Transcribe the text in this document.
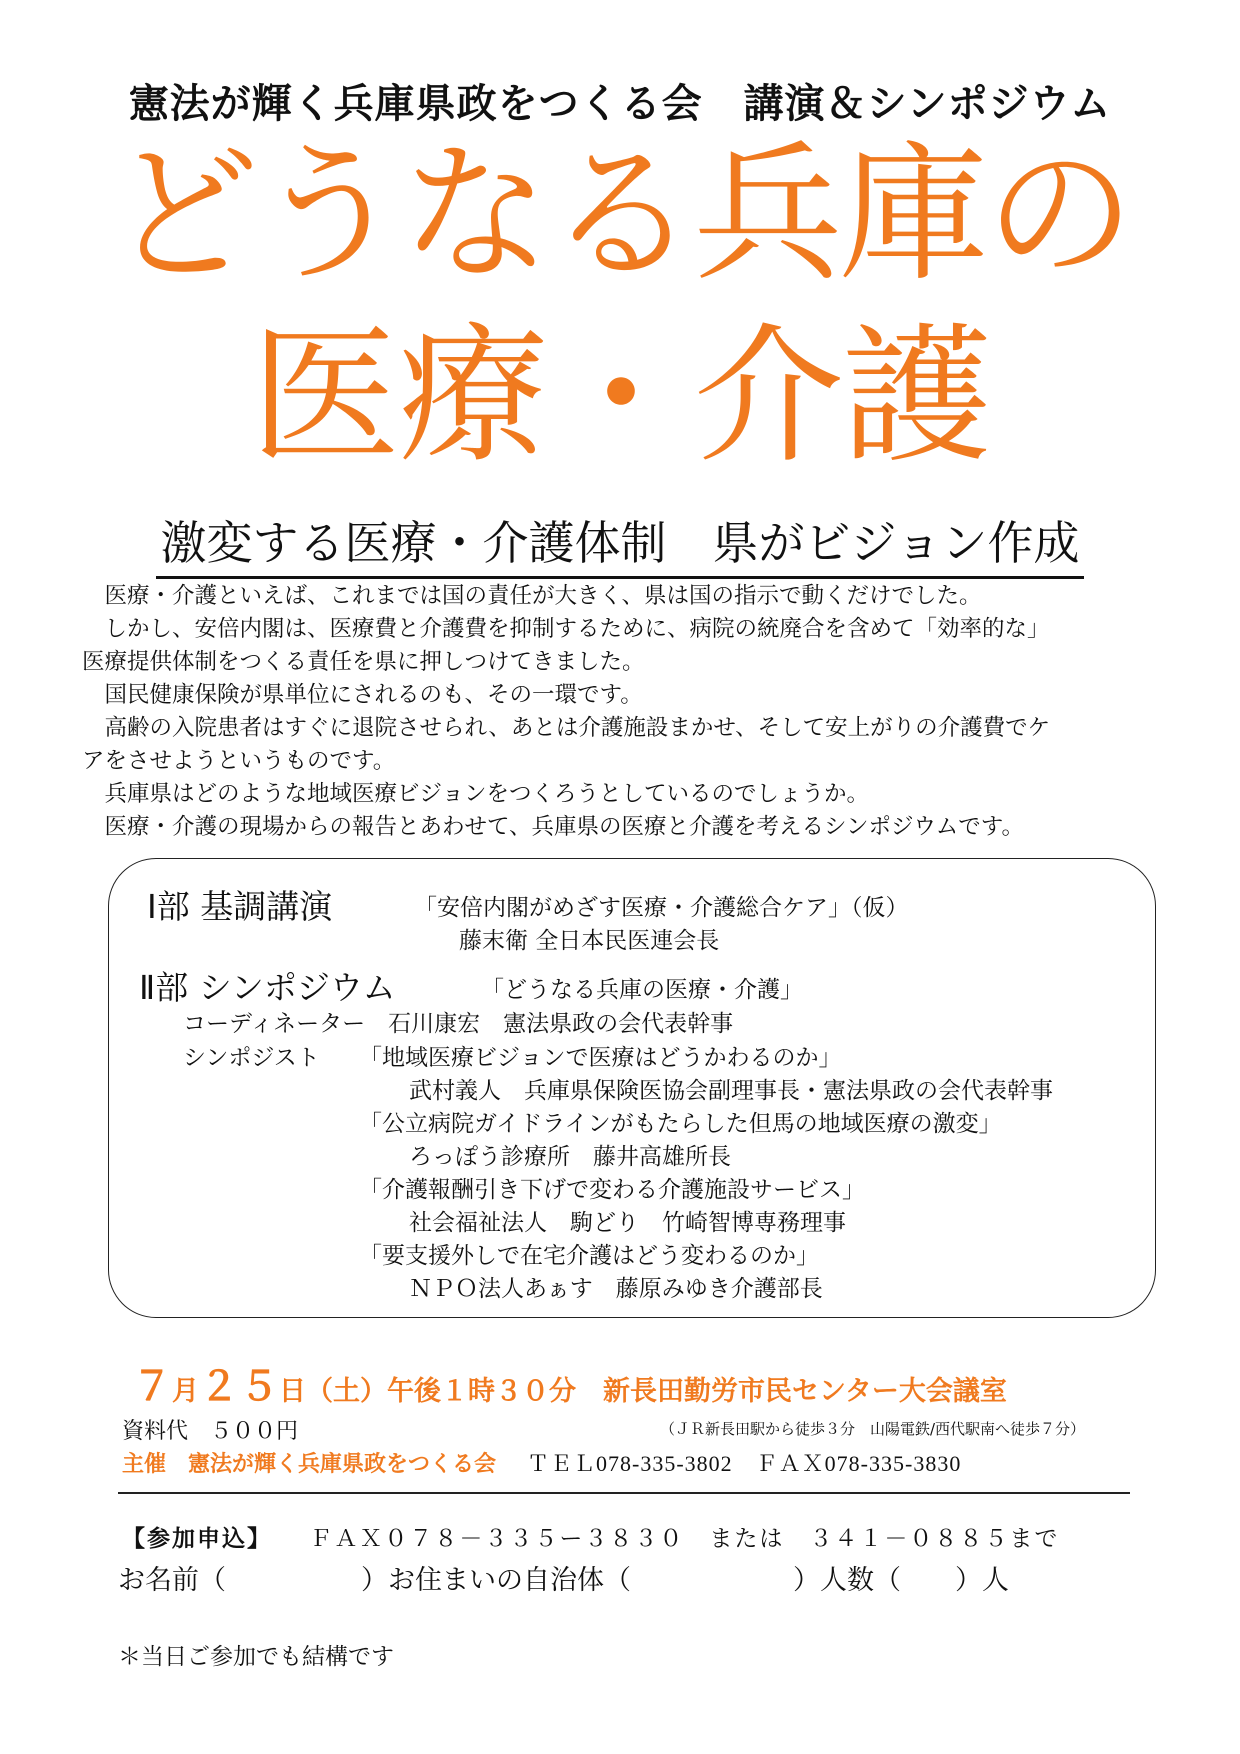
憲法が輝く兵庫県政をつくる会　講演＆シンポジウム
どうなる兵庫の
医療・介護
激変する医療・介護体制　県がビジョン作成
　医療・介護といえば、これまでは国の責任が大きく、県は国の指示で動くだけでした。
　しかし、安倍内閣は、医療費と介護費を抑制するために、病院の統廃合を含めて「効率的な」
医療提供体制をつくる責任を県に押しつけてきました。
　国民健康保険が県単位にされるのも、その一環です。
　高齢の入院患者はすぐに退院させられ、あとは介護施設まかせ、そして安上がりの介護費でケ
アをさせようというものです。
　兵庫県はどのような地域医療ビジョンをつくろうとしているのでしょうか。
　医療・介護の現場からの報告とあわせて、兵庫県の医療と介護を考えるシンポジウムです。
Ⅰ部 基調講演	「安倍内閣がめざす医療・介護総合ケア」（仮）
藤末衛 全日本民医連会長
Ⅱ部 シンポジウム	「どうなる兵庫の医療・介護」
コーディネーター　石川康宏　憲法県政の会代表幹事
シンポジスト 「地域医療ビジョンで医療はどうかわるのか」
武村義人　兵庫県保険医協会副理事長・憲法県政の会代表幹事
「公立病院ガイドラインがもたらした但馬の地域医療の激変」
ろっぽう診療所　藤井高雄所長
「介護報酬引き下げで変わる介護施設サービス」
社会福祉法人　駒どり　竹崎智博専務理事
「要支援外しで在宅介護はどう変わるのか」
ＮＰＯ法人あぁす　藤原みゆき介護部長
７月２５日（土）午後１時３０分　新長田勤労市民センター大会議室
資料代　５００円	（ＪＲ新長田駅から徒歩３分　山陽電鉄/西代駅南へ徒歩７分）
主催　憲法が輝く兵庫県政をつくる会 ＴＥＬ078-335-3802　ＦＡＸ078-335-3830
【参加申込】 ＦＡＸ０７８－３３５ー３８３０　または　３４１－０８８５まで
お名前（　　　　　）お住まいの自治体（　　　　　　）人数（　　）人
＊当日ご参加でも結構です
